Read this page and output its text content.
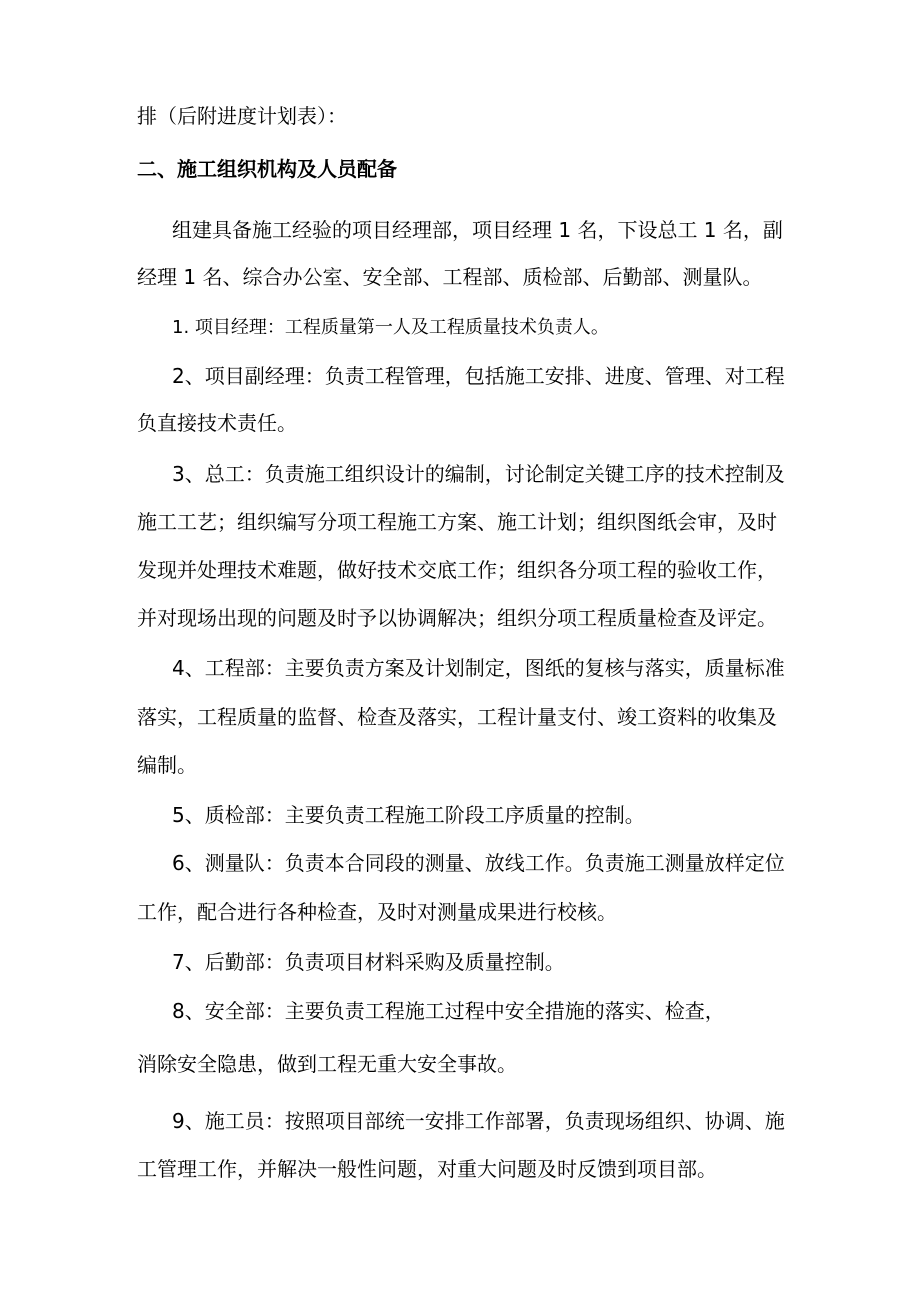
排（后附进度计划表）：
二、施工组织机构及人员配备
组建具备施工经验的项目经理部，项目经理 1 名，下设总工 1 名，副
经理 1 名、综合办公室、安全部、工程部、质检部、后勤部、测量队。
1. 项目经理：工程质量第一人及工程质量技术负责人。
2、项目副经理：负责工程管理，包括施工安排、进度、管理、对工程
负直接技术责任。
3、总工：负责施工组织设计的编制，讨论制定关键工序的技术控制及
施工工艺；组织编写分项工程施工方案、施工计划；组织图纸会审，及时
发现并处理技术难题，做好技术交底工作；组织各分项工程的验收工作，
并对现场出现的问题及时予以协调解决；组织分项工程质量检查及评定。
4、工程部：主要负责方案及计划制定，图纸的复核与落实，质量标准
落实，工程质量的监督、检查及落实，工程计量支付、竣工资料的收集及
编制。
5、质检部：主要负责工程施工阶段工序质量的控制。
6、测量队：负责本合同段的测量、放线工作。负责施工测量放样定位
工作，配合进行各种检查，及时对测量成果进行校核。
7、后勤部：负责项目材料采购及质量控制。
8、安全部：主要负责工程施工过程中安全措施的落实、检查，
消除安全隐患，做到工程无重大安全事故。
9、施工员：按照项目部统一安排工作部署，负责现场组织、协调、施
工管理工作，并解决一般性问题，对重大问题及时反馈到项目部。
